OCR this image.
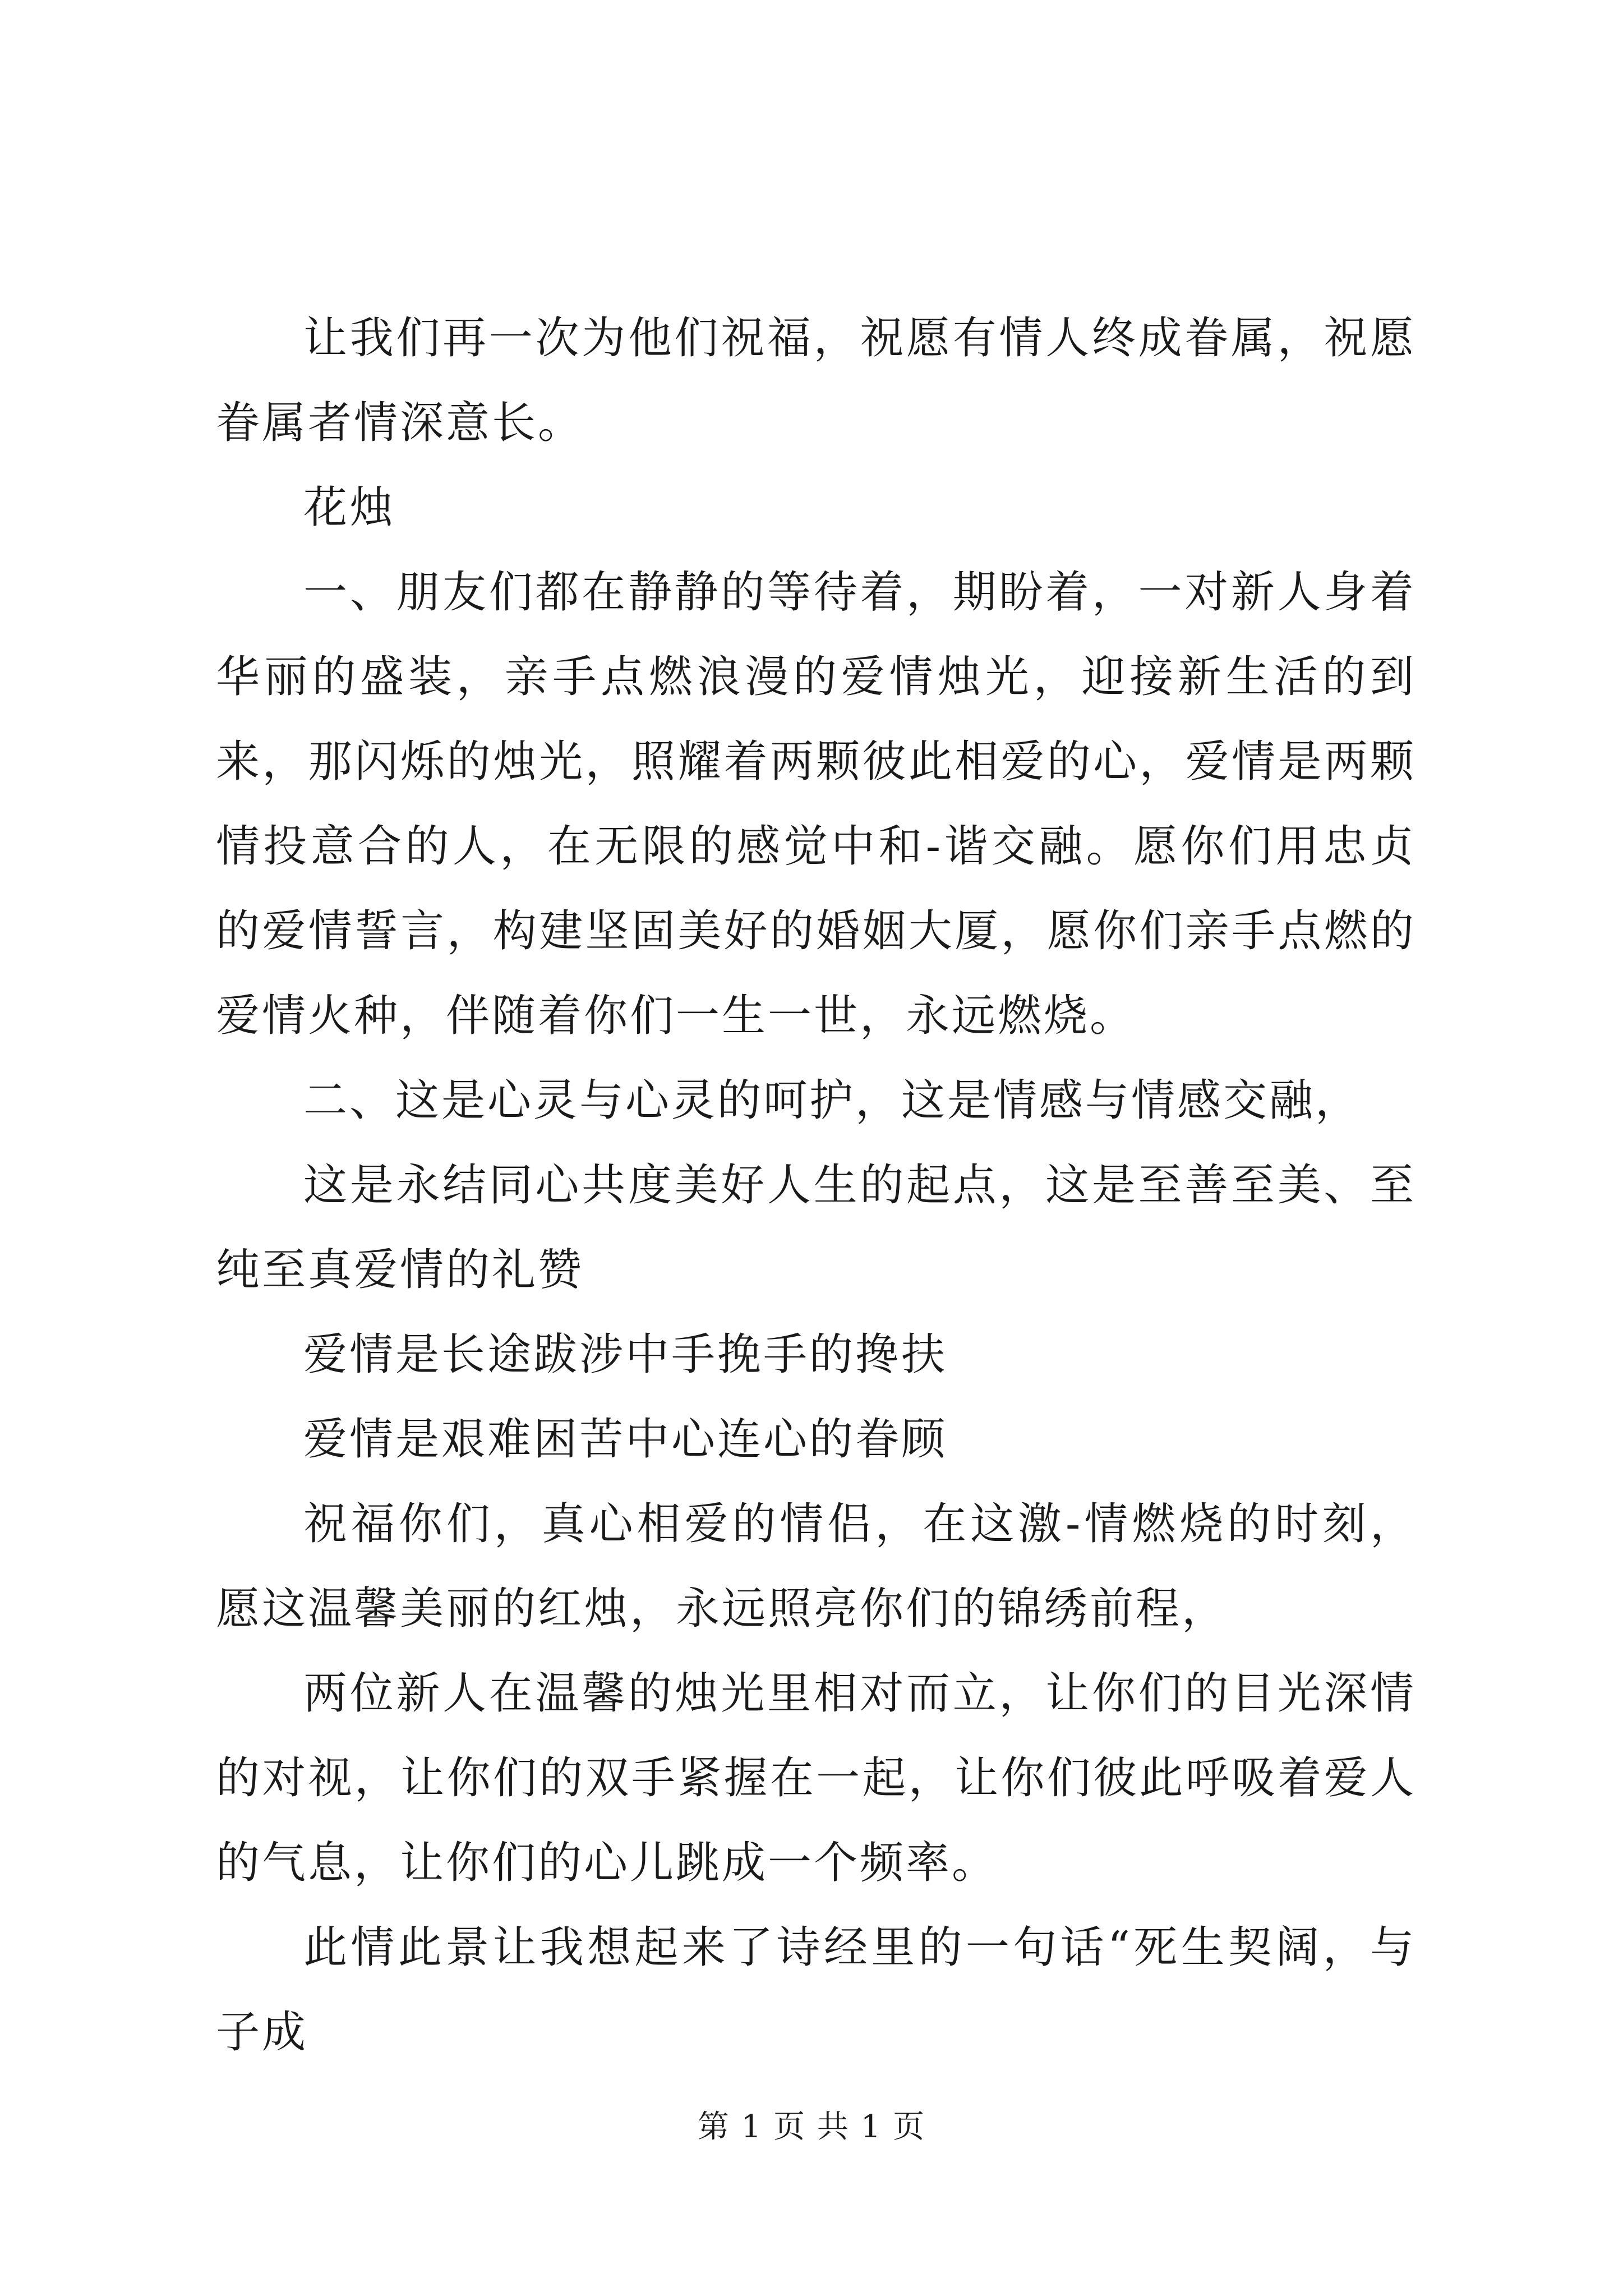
让我们再一次为他们祝福，祝愿有情人终成眷属，祝愿眷属者情深意长。

花烛

一、朋友们都在静静的等待着，期盼着，一对新人身着华丽的盛装，亲手点燃浪漫的爱情烛光，迎接新生活的到来，那闪烁的烛光，照耀着两颗彼此相爱的心，爱情是两颗情投意合的人，在无限的感觉中和-谐交融。愿你们用忠贞的爱情誓言，构建坚固美好的婚姻大厦，愿你们亲手点燃的爱情火种，伴随着你们一生一世，永远燃烧。

二、这是心灵与心灵的呵护，这是情感与情感交融，

这是永结同心共度美好人生的起点，这是至善至美、至纯至真爱情的礼赞

爱情是长途跋涉中手挽手的搀扶

爱情是艰难困苦中心连心的眷顾

祝福你们，真心相爱的情侣，在这激-情燃烧的时刻，愿这温馨美丽的红烛，永远照亮你们的锦绣前程，

两位新人在温馨的烛光里相对而立，让你们的目光深情的对视，让你们的双手紧握在一起，让你们彼此呼吸着爱人的气息，让你们的心儿跳成一个频率。

此情此景让我想起来了诗经里的一句话“死生契阔，与子成

第 1 页 共 1 页
